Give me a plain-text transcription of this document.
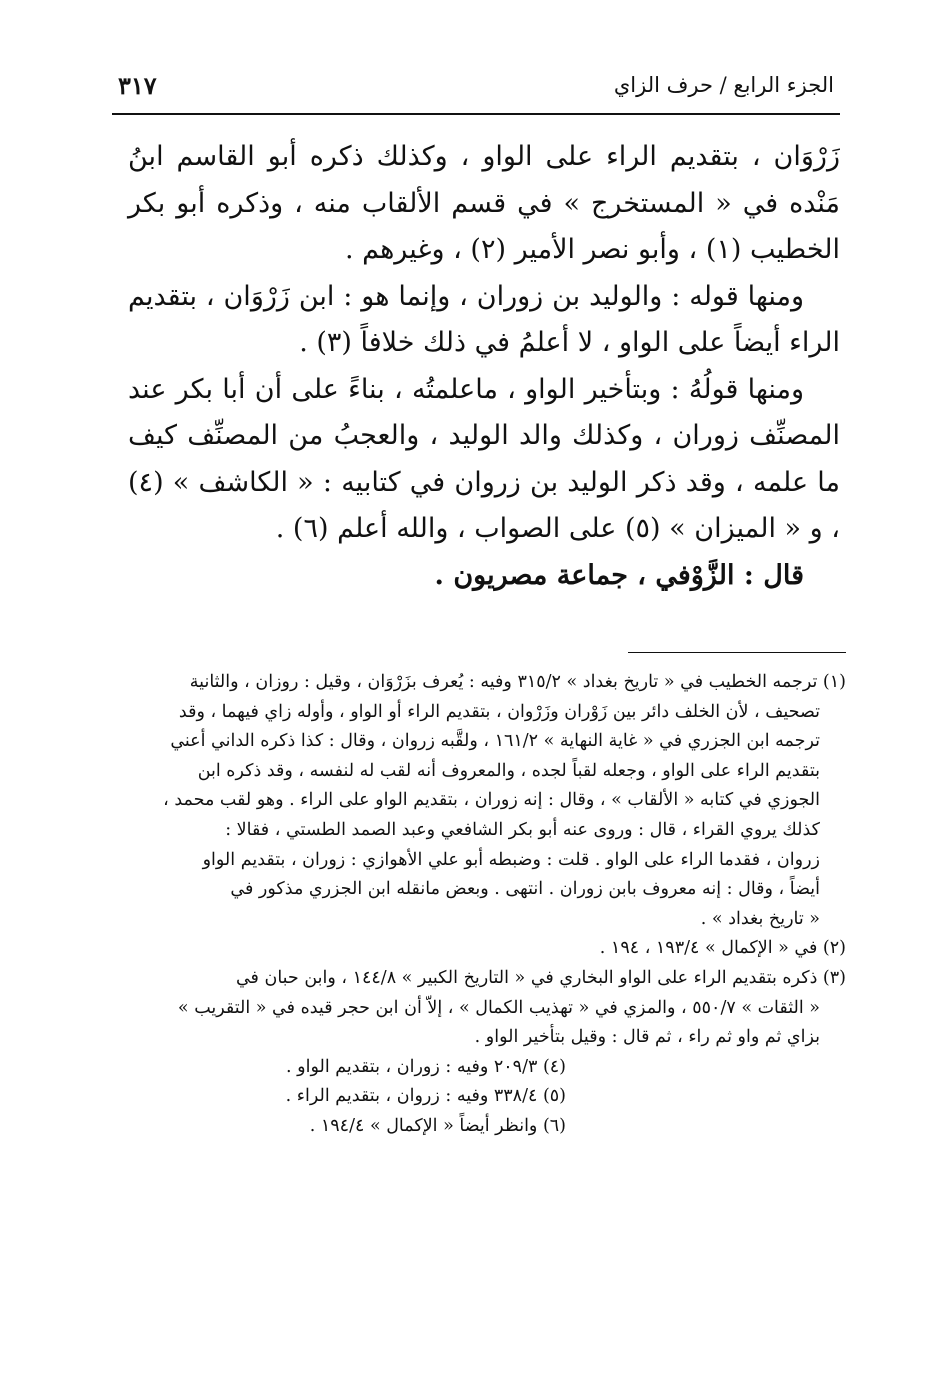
الجزء الرابع / حرف الزاي
٣١٧

زَرْوَان ، بتقديم الراء على الواو ، وكذلك ذكره أبو القاسم ابنُ مَنْده في « المستخرج » في قسم الألقاب منه ، وذكره أبو بكر الخطيب (١) ، وأبو نصر الأمير (٢) ، وغيرهم .

ومنها قوله : والوليد بن زوران ، وإنما هو : ابن زَرْوَان ، بتقديم الراء أيضاً على الواو ، لا أعلمُ في ذلك خلافاً (٣) .

ومنها قولُهُ : وبتأخير الواو ، ماعلمتُه ، بناءً على أن أبا بكر عند المصنِّف زوران ، وكذلك والد الوليد ، والعجبُ من المصنِّف كيف ما علمه ، وقد ذكر الوليد بن زروان في كتابيه : « الكاشف » (٤) ، و « الميزان » (٥) على الصواب ، والله أعلم (٦) .

قال : الزَّوْفي ، جماعة مصريون .

(١) ترجمه الخطيب في « تاريخ بغداد » ٣١٥/٢ وفيه : يُعرف بزَرْوَان ، وقيل : روزان ، والثانية

تصحيف ، لأن الخلف دائر بين زَوْران وزَرْوان ، بتقديم الراء أو الواو ، وأوله زاي فيهما ، وقد

ترجمه ابن الجزري في « غاية النهاية » ١٦١/٢ ، ولقَّبه زروان ، وقال : كذا ذكره الداني أعني

بتقديم الراء على الواو ، وجعله لقباً لجده ، والمعروف أنه لقب له لنفسه ، وقد ذكره ابن

الجوزي في كتابه « الألقاب » ، وقال : إنه زوران ، بتقديم الواو على الراء . وهو لقب محمد ،

كذلك يروي القراء ، قال : وروى عنه أبو بكر الشافعي وعبد الصمد الطستي ، فقالا :

زروان ، فقدما الراء على الواو . قلت : وضبطه أبو علي الأهوازي : زوران ، بتقديم الواو

أيضاً ، وقال : إنه معروف بابن زوران . انتهى . وبعض مانقله ابن الجزري مذكور في

« تاريخ بغداد » .

(٢) في « الإكمال » ١٩٣/٤ ، ١٩٤ .

(٣) ذكره بتقديم الراء على الواو البخاري في « التاريخ الكبير » ١٤٤/٨ ، وابن حبان في

« الثقات » ٥٥٠/٧ ، والمزي في « تهذيب الكمال » ، إلاّ أن ابن حجر قيده في « التقريب »

بزاي ثم واو ثم راء ، ثم قال : وقيل بتأخير الواو .

(٤) ٢٠٩/٣ وفيه : زوران ، بتقديم الواو .

(٥) ٣٣٨/٤ وفيه : زروان ، بتقديم الراء .

(٦) وانظر أيضاً « الإكمال » ١٩٤/٤ .
